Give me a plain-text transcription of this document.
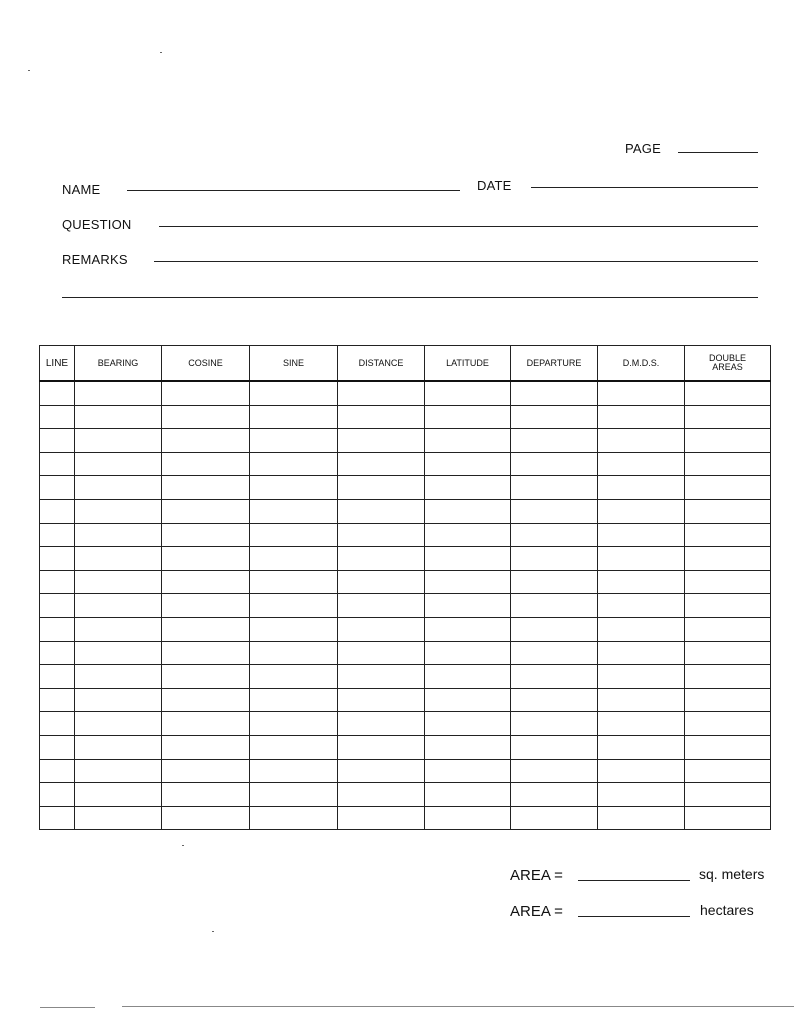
PAGE
NAME	DATE
QUESTION
REMARKS
LINE	BEARING	COSINE	SINE	DISTANCE	LATITUDE	DEPARTURE	D.M.D.S.	DOUBLE
AREAS

AREA =	sq. meters
AREA =	hectares
